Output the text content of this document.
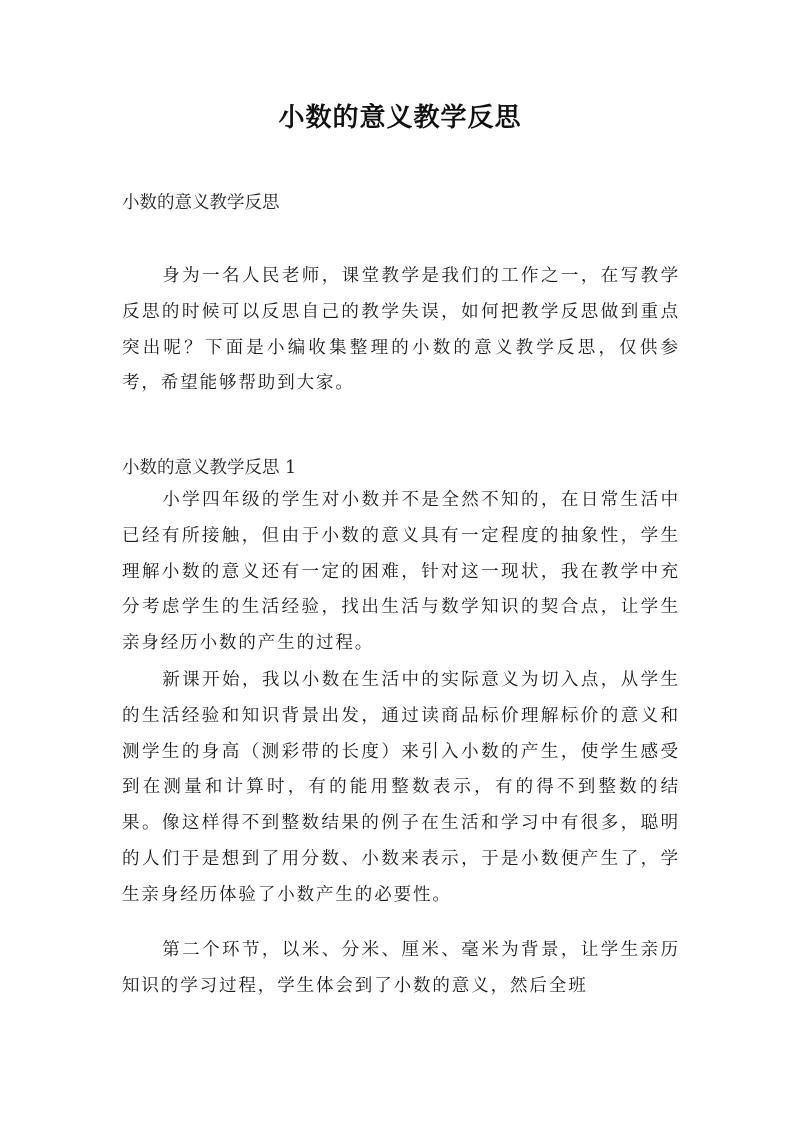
小数的意义教学反思
小数的意义教学反思

身为一名人民老师，课堂教学是我们的工作之一，在写教学反思的时候可以反思自己的教学失误，如何把教学反思做到重点突出呢？下面是小编收集整理的小数的意义教学反思，仅供参考，希望能够帮助到大家。

小数的意义教学反思 1

小学四年级的学生对小数并不是全然不知的，在日常生活中已经有所接触，但由于小数的意义具有一定程度的抽象性，学生理解小数的意义还有一定的困难，针对这一现状，我在教学中充分考虑学生的生活经验，找出生活与数学知识的契合点，让学生亲身经历小数的产生的过程。

新课开始，我以小数在生活中的实际意义为切入点，从学生的生活经验和知识背景出发，通过读商品标价理解标价的意义和测学生的身高（测彩带的长度）来引入小数的产生，使学生感受到在测量和计算时，有的能用整数表示，有的得不到整数的结果。像这样得不到整数结果的例子在生活和学习中有很多，聪明的人们于是想到了用分数、小数来表示，于是小数便产生了，学生亲身经历体验了小数产生的必要性。

第二个环节，以米、分米、厘米、毫米为背景，让学生亲历知识的学习过程，学生体会到了小数的意义，然后全班
